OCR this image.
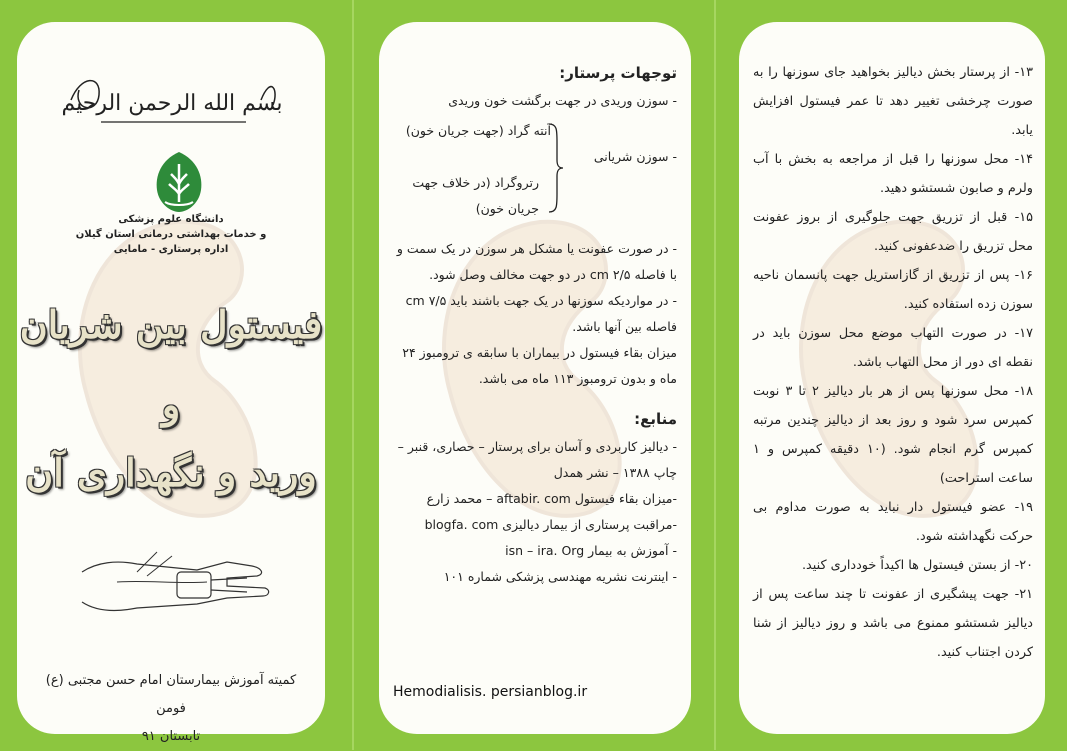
بسم الله الرحمن الرحیم
دانشگاه علوم پزشکی
و خدمات بهداشتی درمانی استان گیلان
اداره پرستاری - مامایی
فیستول بین شریان
و
ورید و نگهداری آن
کمیته آموزش بیمارستان امام حسن مجتبی (ع) فومن
تابستان ۹۱
توجهات پرستار:

- سوزن وریدی در جهت برگشت خون وریدی

آنته گراد (جهت جریان خون)
- سوزن شریانی
رتروگراد (در خلاف جهت جریان خون)

- در صورت عفونت یا مشکل هر سوزن در یک سمت و با فاصله ۲/۵ cm در دو جهت مخالف وصل شود.

- در مواردیکه سوزنها در یک جهت باشند باید ۷/۵ cm فاصله بین آنها باشد.

میزان بقاء فیستول در بیماران با سابقه ی ترومبوز ۲۴ ماه و بدون ترومبوز ۱۱۳ ماه می باشد.

منابع:

- دیالیز کاربردی و آسان برای پرستار – حصاری، قنبر – چاپ ۱۳۸۸ – نشر همدل

-میزان بقاء فیستول aftabir. com – محمد زارع

-مراقبت پرستاری از بیمار دیالیزی blogfa. com

- آموزش به بیمار isn – ira. Org

- اینترنت نشریه مهندسی پزشکی شماره ۱۰۱

Hemodialisis. persianblog.ir

۱۳- از پرستار بخش دیالیز بخواهید جای سوزنها را به صورت چرخشی تغییر دهد تا عمر فیستول افزایش یابد.

۱۴- محل سوزنها را قبل از مراجعه به بخش با آب ولرم و صابون شستشو دهید.

۱۵- قبل از تزریق جهت جلوگیری از بروز عفونت محل تزریق را ضدعفونی کنید.

۱۶- پس از تزریق از گازاستریل جهت پانسمان ناحیه سوزن زده استفاده کنید.

۱۷- در صورت التهاب موضع محل سوزن باید در نقطه ای دور از محل التهاب باشد.

۱۸- محل سوزنها پس از هر بار دیالیز ۲ تا ۳ نوبت کمپرس سرد شود و روز بعد از دیالیز چندین مرتبه کمپرس گرم انجام شود. (۱۰ دقیقه کمپرس و ۱ ساعت استراحت)

۱۹- عضو فیستول دار نباید به صورت مداوم بی حرکت نگهداشته شود.

۲۰- از بستن فیستول ها اکیداً خودداری کنید.

۲۱- جهت پیشگیری از عفونت تا چند ساعت پس از دیالیز شستشو ممنوع می باشد و روز دیالیز از شنا کردن اجتناب کنید.
